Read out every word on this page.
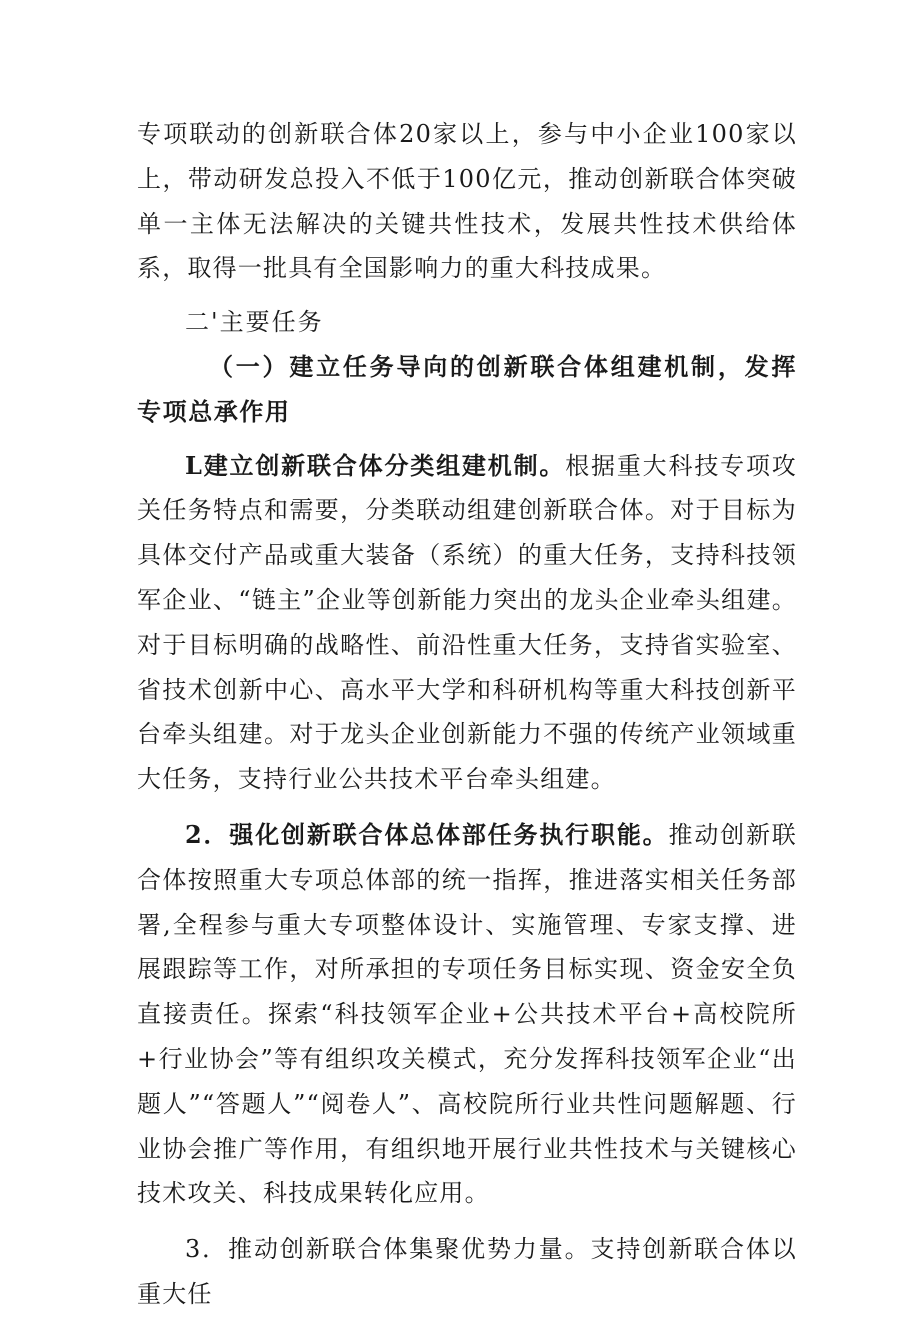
专项联动的创新联合体20家以上，参与中小企业100家以上，带动研发总投入不低于100亿元，推动创新联合体突破单一主体无法解决的关键共性技术，发展共性技术供给体系，取得一批具有全国影响力的重大科技成果。

二'主要任务

（一）建立任务导向的创新联合体组建机制，发挥专项总承作用

L建立创新联合体分类组建机制。根据重大科技专项攻关任务特点和需要，分类联动组建创新联合体。对于目标为具体交付产品或重大装备（系统）的重大任务，支持科技领军企业、“链主”企业等创新能力突出的龙头企业牵头组建。对于目标明确的战略性、前沿性重大任务，支持省实验室、省技术创新中心、高水平大学和科研机构等重大科技创新平台牵头组建。对于龙头企业创新能力不强的传统产业领域重大任务，支持行业公共技术平台牵头组建。

2．强化创新联合体总体部任务执行职能。推动创新联合体按照重大专项总体部的统一指挥，推进落实相关任务部署,全程参与重大专项整体设计、实施管理、专家支撑、进展跟踪等工作，对所承担的专项任务目标实现、资金安全负直接责任。探索“科技领军企业+公共技术平台+高校院所+行业协会”等有组织攻关模式，充分发挥科技领军企业“出题人”“答题人”“阅卷人”、高校院所行业共性问题解题、行业协会推广等作用，有组织地开展行业共性技术与关键核心技术攻关、科技成果转化应用。

3．推动创新联合体集聚优势力量。支持创新联合体以重大任
